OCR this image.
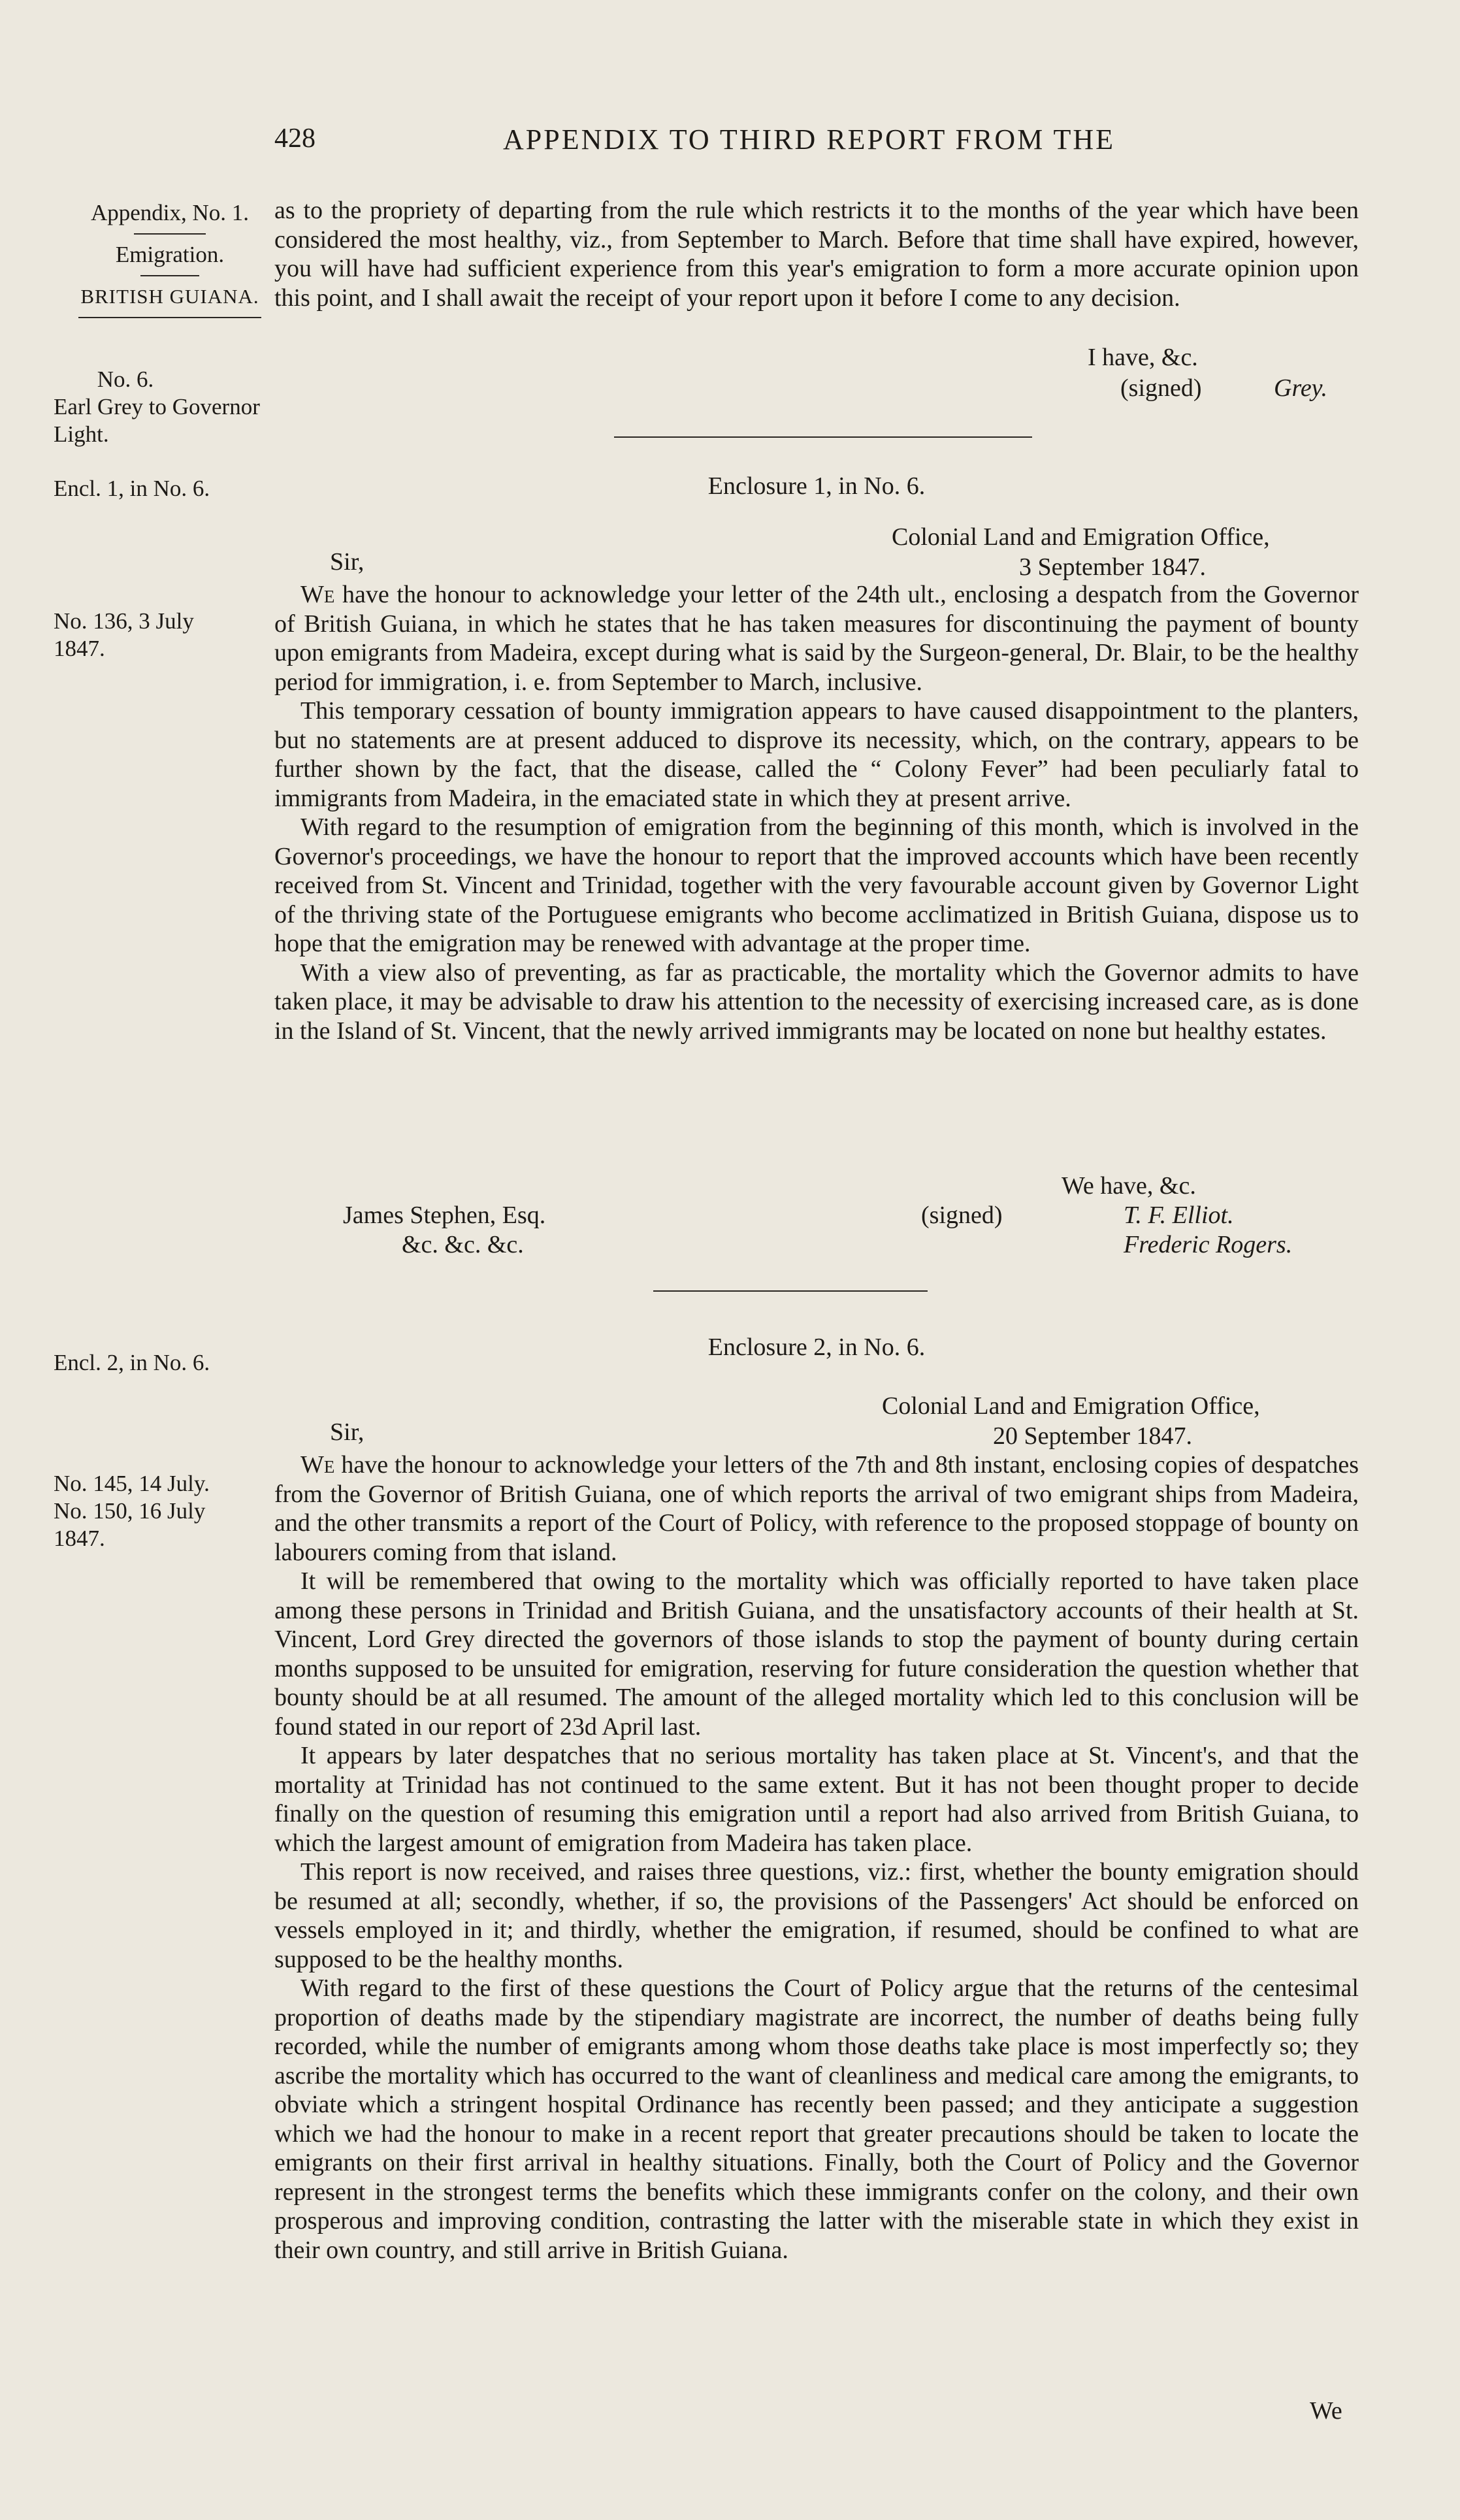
428	APPENDIX TO THIRD REPORT FROM THE
Appendix, No. 1.
Emigration.
BRITISH GUIANA.
No. 6.
Earl Grey to Governor Light.
Encl. 1, in No. 6.
No. 136, 3 July 1847.
Encl. 2, in No. 6.
No. 145, 14 July.
No. 150, 16 July 1847.

as to the propriety of departing from the rule which restricts it to the months of the year which have been considered the most healthy, viz., from September to March. Before that time shall have expired, however, you will have had sufficient experience from this year's emigration to form a more accurate opinion upon this point, and I shall await the receipt of your report upon it before I come to any decision.

I have, &c.
(signed)	Grey.
Enclosure 1, in No. 6.
Colonial Land and Emigration Office,
3 September 1847.
Sir,

We have the honour to acknowledge your letter of the 24th ult., enclosing a despatch from the Governor of British Guiana, in which he states that he has taken measures for discontinuing the payment of bounty upon emigrants from Madeira, except during what is said by the Surgeon-general, Dr. Blair, to be the healthy period for immigration, i. e. from September to March, inclusive.

This temporary cessation of bounty immigration appears to have caused disappointment to the planters, but no statements are at present adduced to disprove its necessity, which, on the contrary, appears to be further shown by the fact, that the disease, called the “ Colony Fever” had been peculiarly fatal to immigrants from Madeira, in the emaciated state in which they at present arrive.

With regard to the resumption of emigration from the beginning of this month, which is involved in the Governor's proceedings, we have the honour to report that the improved accounts which have been recently received from St. Vincent and Trinidad, together with the very favourable account given by Governor Light of the thriving state of the Portuguese emigrants who become acclimatized in British Guiana, dispose us to hope that the emigration may be renewed with advantage at the proper time.

With a view also of preventing, as far as practicable, the mortality which the Governor admits to have taken place, it may be advisable to draw his attention to the necessity of exercising increased care, as is done in the Island of St. Vincent, that the newly arrived immigrants may be located on none but healthy estates.

We have, &c.
James Stephen, Esq.
&c. &c. &c.
(signed)	T. F. Elliot.
Frederic Rogers.
Enclosure 2, in No. 6.
Colonial Land and Emigration Office,
20 September 1847.
Sir,

We have the honour to acknowledge your letters of the 7th and 8th instant, enclosing copies of despatches from the Governor of British Guiana, one of which reports the arrival of two emigrant ships from Madeira, and the other transmits a report of the Court of Policy, with reference to the proposed stoppage of bounty on labourers coming from that island.

It will be remembered that owing to the mortality which was officially reported to have taken place among these persons in Trinidad and British Guiana, and the unsatisfactory accounts of their health at St. Vincent, Lord Grey directed the governors of those islands to stop the payment of bounty during certain months supposed to be unsuited for emigration, reserving for future consideration the question whether that bounty should be at all resumed. The amount of the alleged mortality which led to this conclusion will be found stated in our report of 23d April last.

It appears by later despatches that no serious mortality has taken place at St. Vincent's, and that the mortality at Trinidad has not continued to the same extent. But it has not been thought proper to decide finally on the question of resuming this emigration until a report had also arrived from British Guiana, to which the largest amount of emigration from Madeira has taken place.

This report is now received, and raises three questions, viz.: first, whether the bounty emigration should be resumed at all; secondly, whether, if so, the provisions of the Passengers' Act should be enforced on vessels employed in it; and thirdly, whether the emigration, if resumed, should be confined to what are supposed to be the healthy months.

With regard to the first of these questions the Court of Policy argue that the returns of the centesimal proportion of deaths made by the stipendiary magistrate are incorrect, the number of deaths being fully recorded, while the number of emigrants among whom those deaths take place is most imperfectly so; they ascribe the mortality which has occurred to the want of cleanliness and medical care among the emigrants, to obviate which a stringent hospital Ordinance has recently been passed; and they anticipate a suggestion which we had the honour to make in a recent report that greater precautions should be taken to locate the emigrants on their first arrival in healthy situations. Finally, both the Court of Policy and the Governor represent in the strongest terms the benefits which these immigrants confer on the colony, and their own prosperous and improving condition, contrasting the latter with the miserable state in which they exist in their own country, and still arrive in British Guiana.

We
